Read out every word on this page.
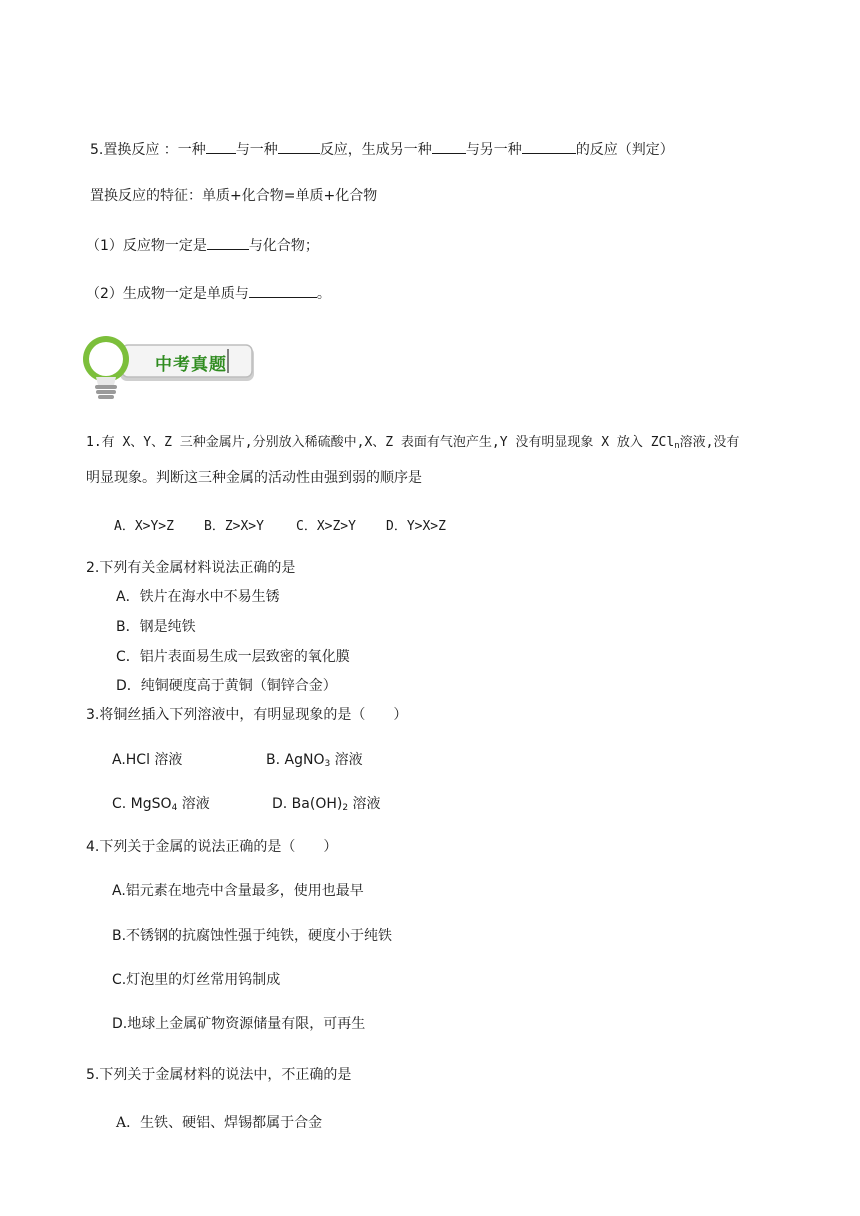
5.置换反应 ：一种 与一种	反应，生成另一种 与另一种	的反应（判定）
置换反应的特征：单质+化合物=单质+化合物
（1）反应物一定是	与化合物；
（2）生成物一定是单质与	。
中考真题
1.有 X、Y、Z 三种金属片,分别放入稀硫酸中,X、Z 表面有气泡产生,Y 没有明显现象 X 放入 ZCln溶液,没有
明显现象。判断这三种金属的活动性由强到弱的顺序是
A．X>Y>Z B．Z>X>Y C．X>Z>Y D．Y>X>Z
2.下列有关金属材料说法正确的是
A．铁片在海水中不易生锈
B．钢是纯铁
C．铝片表面易生成一层致密的氧化膜
D．纯铜硬度高于黄铜（铜锌合金）
3.将铜丝插入下列溶液中，有明显现象的是（　　）
A.HCl 溶液	B. AgNO3 溶液
C. MgSO4 溶液	D. Ba(OH)2 溶液
4.下列关于金属的说法正确的是（　　）
A.铝元素在地壳中含量最多，使用也最早
B.不锈钢的抗腐蚀性强于纯铁，硬度小于纯铁
C.灯泡里的灯丝常用钨制成
D.地球上金属矿物资源储量有限，可再生
5.下列关于金属材料的说法中，不正确的是
A．生铁、硬铝、焊锡都属于合金
